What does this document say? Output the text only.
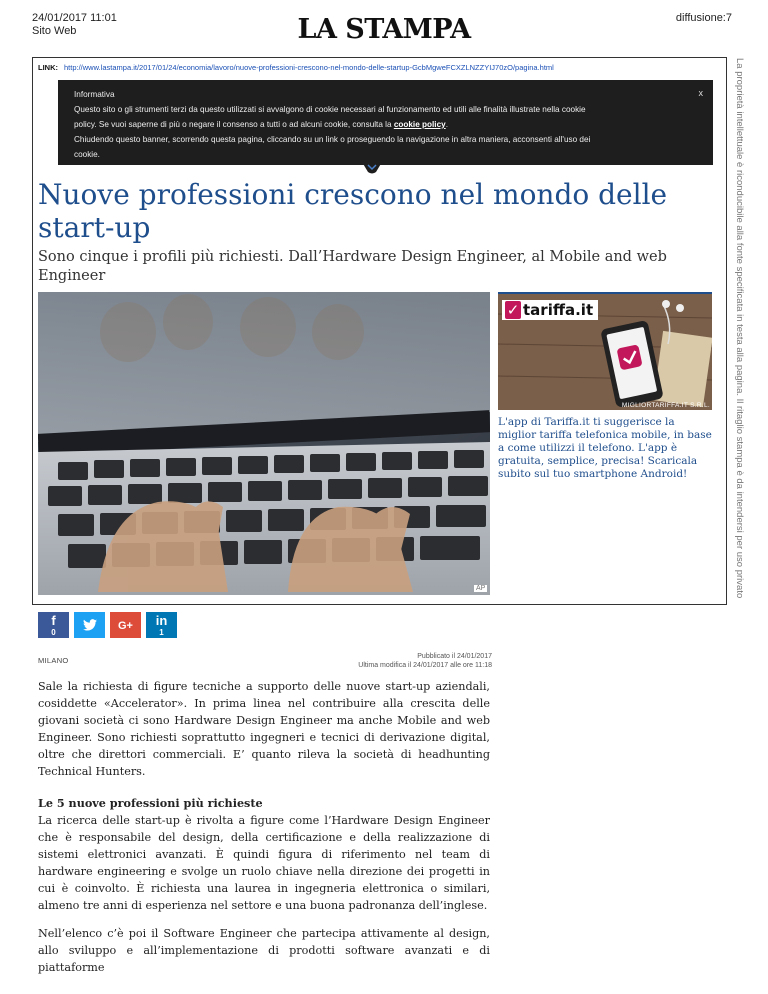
24/01/2017 11:01
Sito Web	LA STAMPA	diffusione:7
LINK: http://www.lastampa.it/2017/01/24/economia/lavoro/nuove-professioni-crescono-nel-mondo-delle-startup-GcbMgweFCXZLNZZYIJ70zO/pagina.html	La proprietà intellettuale è riconducibile alla fonte specificata in testa alla pagina. Il ritaglio stampa è da intendersi per uso privato
x
Informativa
Questo sito o gli strumenti terzi da questo utilizzati si avvalgono di cookie necessari al funzionamento ed utili alle finalità illustrate nella cookie
policy. Se vuoi saperne di più o negare il consenso a tutti o ad alcuni cookie, consulta la cookie policy.
Chiudendo questo banner, scorrendo questa pagina, cliccando su un link o proseguendo la navigazione in altra maniera, acconsenti all'uso dei
cookie.
Nuove professioni crescono nel mondo delle start-up
Sono cinque i profili più richiesti. Dall’Hardware Design Engineer, al Mobile and web Engineer
AP
✓ tariffa.it
MIGLIORTARIFFA.IT S.R.L.
L'app di Tariffa.it ti suggerisce la miglior tariffa telefonica mobile, in base a come utilizzi il telefono. L'app è gratuita, semplice, precisa! Scaricala subito sul tuo smartphone Android!
f
0
G+	in
1
MILANO	Pubblicato il 24/01/2017
Ultima modifica il 24/01/2017 alle ore 11:18

Sale la richiesta di figure tecniche a supporto delle nuove start-up aziendali, cosiddette «Accelerator». In prima linea nel contribuire alla crescita delle giovani società ci sono Hardware Design Engineer ma anche Mobile and web Engineer. Sono richiesti soprattutto ingegneri e tecnici di derivazione digital, oltre che direttori commerciali. E’ quanto rileva la società di headhunting Technical Hunters.

Le 5 nuove professioni più richieste

La ricerca delle start-up è rivolta a figure come l’Hardware Design Engineer che è responsabile del design, della certificazione e della realizzazione di sistemi elettronici avanzati. È quindi figura di riferimento nel team di hardware engineering e svolge un ruolo chiave nella direzione dei progetti in cui è coinvolto. È richiesta una laurea in ingegneria elettronica o similari, almeno tre anni di esperienza nel settore e una buona padronanza dell’inglese.

Nell’elenco c’è poi il Software Engineer che partecipa attivamente al design, allo sviluppo e all’implementazione di prodotti software avanzati e di piattaforme
